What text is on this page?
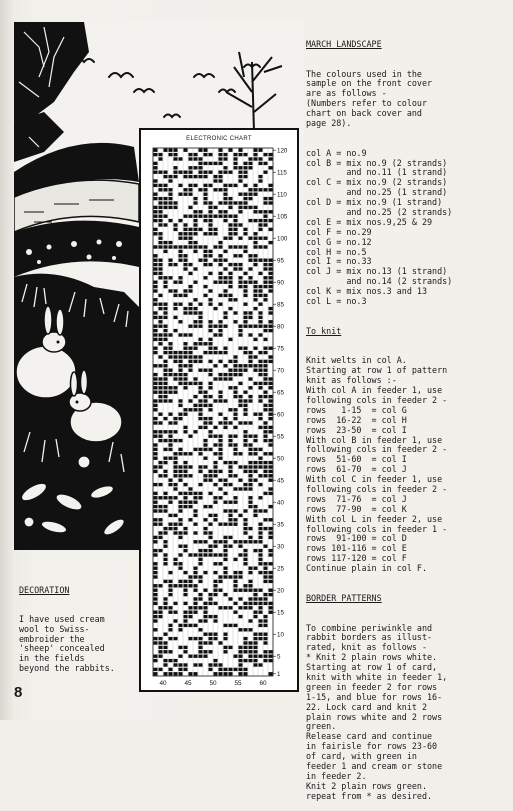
ELECTRONIC CHART
120
115
110
105
100
95
90
85
80
75
70
65
60
55
50
45
40
35
30
25
20
15
10
5
1
40	45	50	55	60

MARCH LANDSCAPE

The colours used in the
sample on the front cover
are as follows -
(Numbers refer to colour
chart on back cover and
page 28).

col A = no.9
col B = mix no.9 (2 strands)
and no.11 (1 strand)
col C = mix no.9 (2 strands)
and no.25 (1 strand)
col D = mix no.9 (1 strand)
and no.25 (2 strands)
col E = mix nos.9,25 & 29
col F = no.29
col G = no.12
col H = no.5
col I = no.33
col J = mix no.13 (1 strand)
and no.14 (2 strands)
col K = mix nos.3 and 13
col L = no.3

To knit

Knit welts in col A.
Starting at row 1 of pattern
knit as follows :-
With col A in feeder 1, use
following cols in feeder 2 -
rows   1-15  = col G
rows  16-22  = col H
rows  23-50  = col I
With col B in feeder 1, use
following cols in feeder 2 -
rows  51-60  = col I
rows  61-70  = col J
With col C in feeder 1, use
following cols in feeder 2 -
rows  71-76  = col J
rows  77-90  = col K
With col L in feeder 2, use
following cols in feeder 1 -
rows  91-100 = col D
rows 101-116 = col E
rows 117-120 = col F
Continue plain in col F.

BORDER PATTERNS

To combine periwinkle and
rabbit borders as illust-
rated, knit as follows -
* Knit 2 plain rows white.
Starting at row 1 of card,
knit with white in feeder 1,
green in feeder 2 for rows
1-15, and blue for rows 16-
22. Lock card and knit 2
plain rows white and 2 rows
green.
Release card and continue
in fairisle for rows 23-60
of card, with green in
feeder 1 and cream or stone
in feeder 2.
Knit 2 plain rows green.
repeat from * as desired.

DECORATION

I have used cream
wool to Swiss-
embroider the
'sheep' concealed
in the fields
beyond the rabbits.

8
